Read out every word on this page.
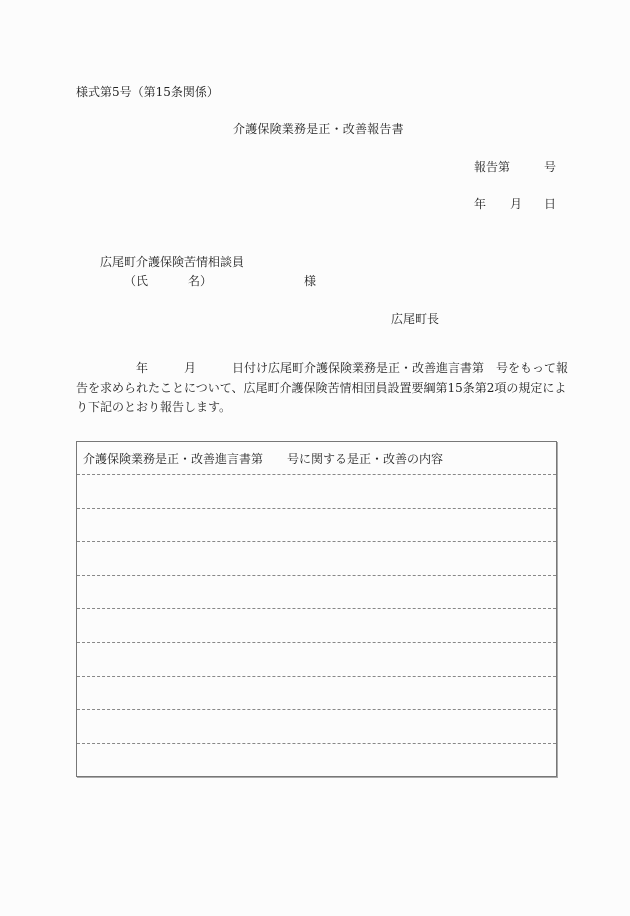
様式第5号（第15条関係）
介護保険業務是正・改善報告書
報告第	号
年 月 日
広尾町介護保険苦情相談員
（氏	名）	様
広尾町長
年	月	日付け広尾町介護保険業務是正・改善進言書第 号をもって報
告を求められたことについて、広尾町介護保険苦情相団員設置要綱第15条第2項の規定によ
り下記のとおり報告します。
介護保険業務是正・改善進言書第 号に関する是正・改善の内容
